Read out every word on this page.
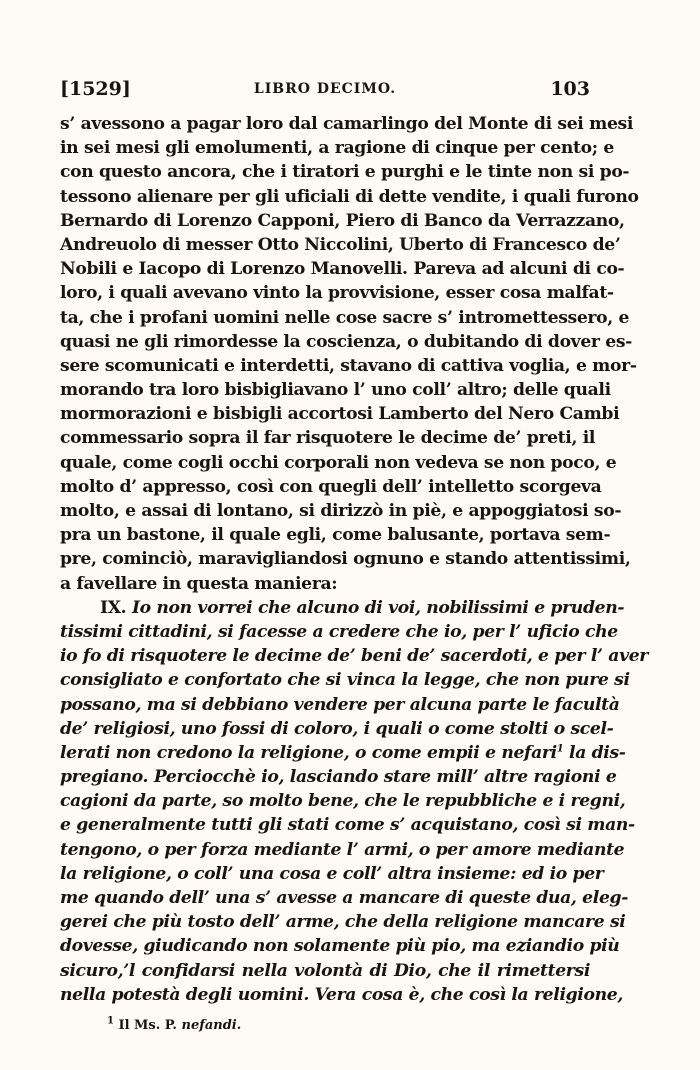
[1529]	LIBRO DECIMO.	103
s’ avessono a pagar loro dal camarlingo del Monte di sei mesi
in sei mesi gli emolumenti, a ragione di cinque per cento; e
con questo ancora, che i tiratori e purghi e le tinte non si po-
tessono alienare per gli uficiali di dette vendite, i quali furono
Bernardo di Lorenzo Capponi, Piero di Banco da Verrazzano,
Andreuolo di messer Otto Niccolini, Uberto di Francesco de’
Nobili e Iacopo di Lorenzo Manovelli. Pareva ad alcuni di co-
loro, i quali avevano vinto la provvisione, esser cosa malfat-
ta, che i profani uomini nelle cose sacre s’ intromettessero, e
quasi ne gli rimordesse la coscienza, o dubitando di dover es-
sere scomunicati e interdetti, stavano di cattiva voglia, e mor-
morando tra loro bisbigliavano l’ uno coll’ altro; delle quali
mormorazioni e bisbigli accortosi Lamberto del Nero Cambi
commessario sopra il far risquotere le decime de’ preti, il
quale, come cogli occhi corporali non vedeva se non poco, e
molto d’ appresso, così con quegli dell’ intelletto scorgeva
molto, e assai di lontano, si dirizzò in piè, e appoggiatosi so-
pra un bastone, il quale egli, come balusante, portava sem-
pre, cominciò, maravigliandosi ognuno e stando attentissimi,
a favellare in questa maniera:
IX. Io non vorrei che alcuno di voi, nobilissimi e pruden-
tissimi cittadini, si facesse a credere che io, per l’ uficio che
io fo di risquotere le decime de’ beni de’ sacerdoti, e per l’ aver
consigliato e confortato che si vinca la legge, che non pure si
possano, ma si debbiano vendere per alcuna parte le facultà
de’ religiosi, uno fossi di coloro, i quali o come stolti o scel-
lerati non credono la religione, o come empii e nefari$^1$ la dis-
pregiano. Perciocchè io, lasciando stare mill’ altre ragioni e
cagioni da parte, so molto bene, che le repubbliche e i regni,
e generalmente tutti gli stati come s’ acquistano, così si man-
tengono, o per forza mediante l’ armi, o per amore mediante
la religione, o coll’ una cosa e coll’ altra insieme: ed io per
me quando dell’ una s’ avesse a mancare di queste dua, eleg-
gerei che più tosto dell’ arme, che della religione mancare si
dovesse, giudicando non solamente più pio, ma eziandio più
sicuro,’l confidarsi nella volontà di Dio, che il rimettersi
nella potestà degli uomini. Vera cosa è, che così la religione,
$^1$ Il Ms. P. nefandi.
